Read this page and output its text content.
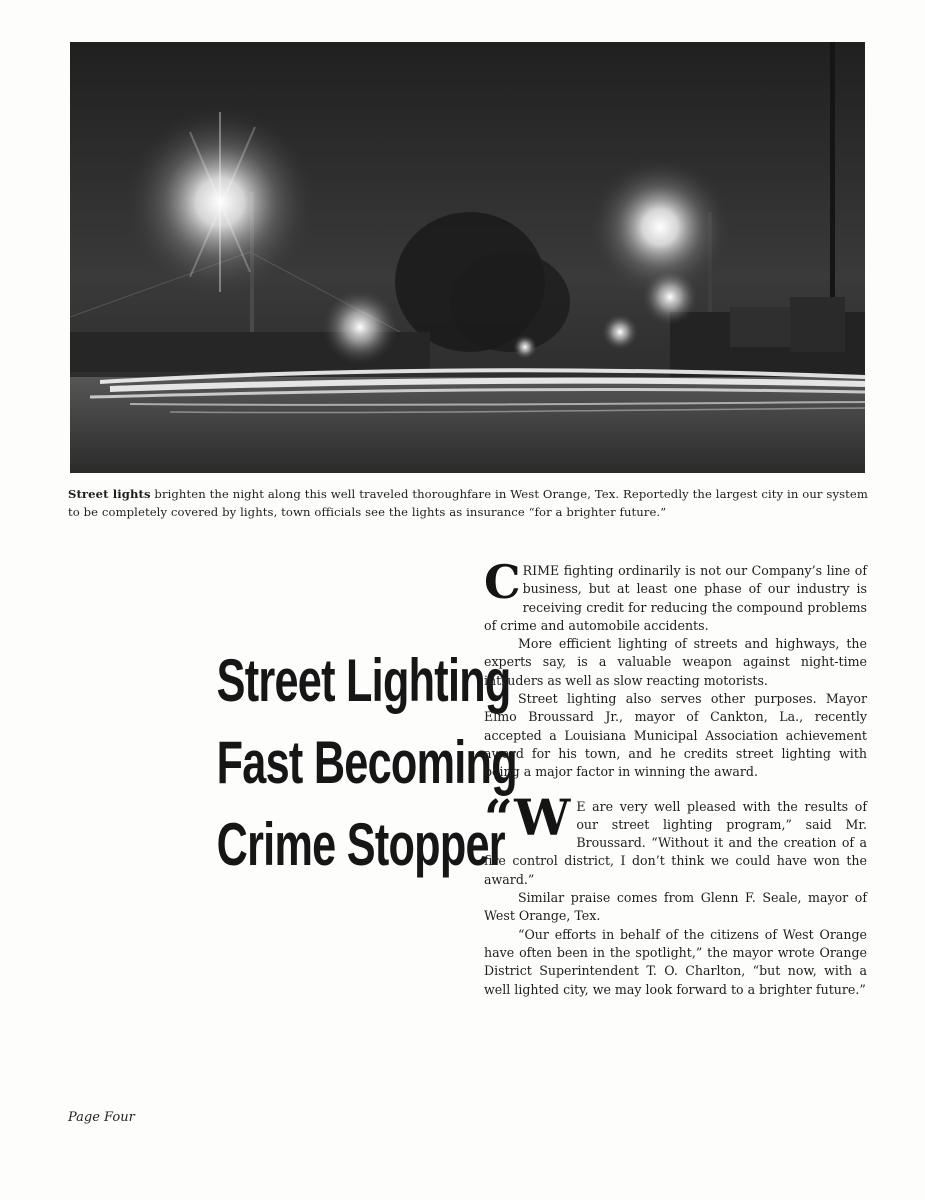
Street lights brighten the night along this well traveled thoroughfare in West Orange, Tex. Reportedly the largest city in our system to be completely covered by lights, town officials see the lights as insurance “for a brighter future.”
Street Lighting
Fast Becoming
Crime Stopper

CRIME fighting ordinarily is not our Company’s line of business, but at least one phase of our industry is receiving credit for reducing the compound problems of crime and automobile accidents.

More efficient lighting of streets and highways, the experts say, is a valuable weapon against night-time intruders as well as slow reacting motorists.

Street lighting also serves other purposes. Mayor Elmo Broussard Jr., mayor of Cankton, La., recently accepted a Louisiana Municipal Association achievement award for his town, and he credits street lighting with being a major factor in winning the award.

“W E are very well pleased with the results of our street lighting program,” said Mr. Broussard. “Without it and the creation of a fire control district, I don’t think we could have won the award.”

Similar praise comes from Glenn F. Seale, mayor of West Orange, Tex.

“Our efforts in behalf of the citizens of West Orange have often been in the spotlight,” the mayor wrote Orange District Superintendent T. O. Charlton, “but now, with a well lighted city, we may look forward to a brighter future.”

Page Four
